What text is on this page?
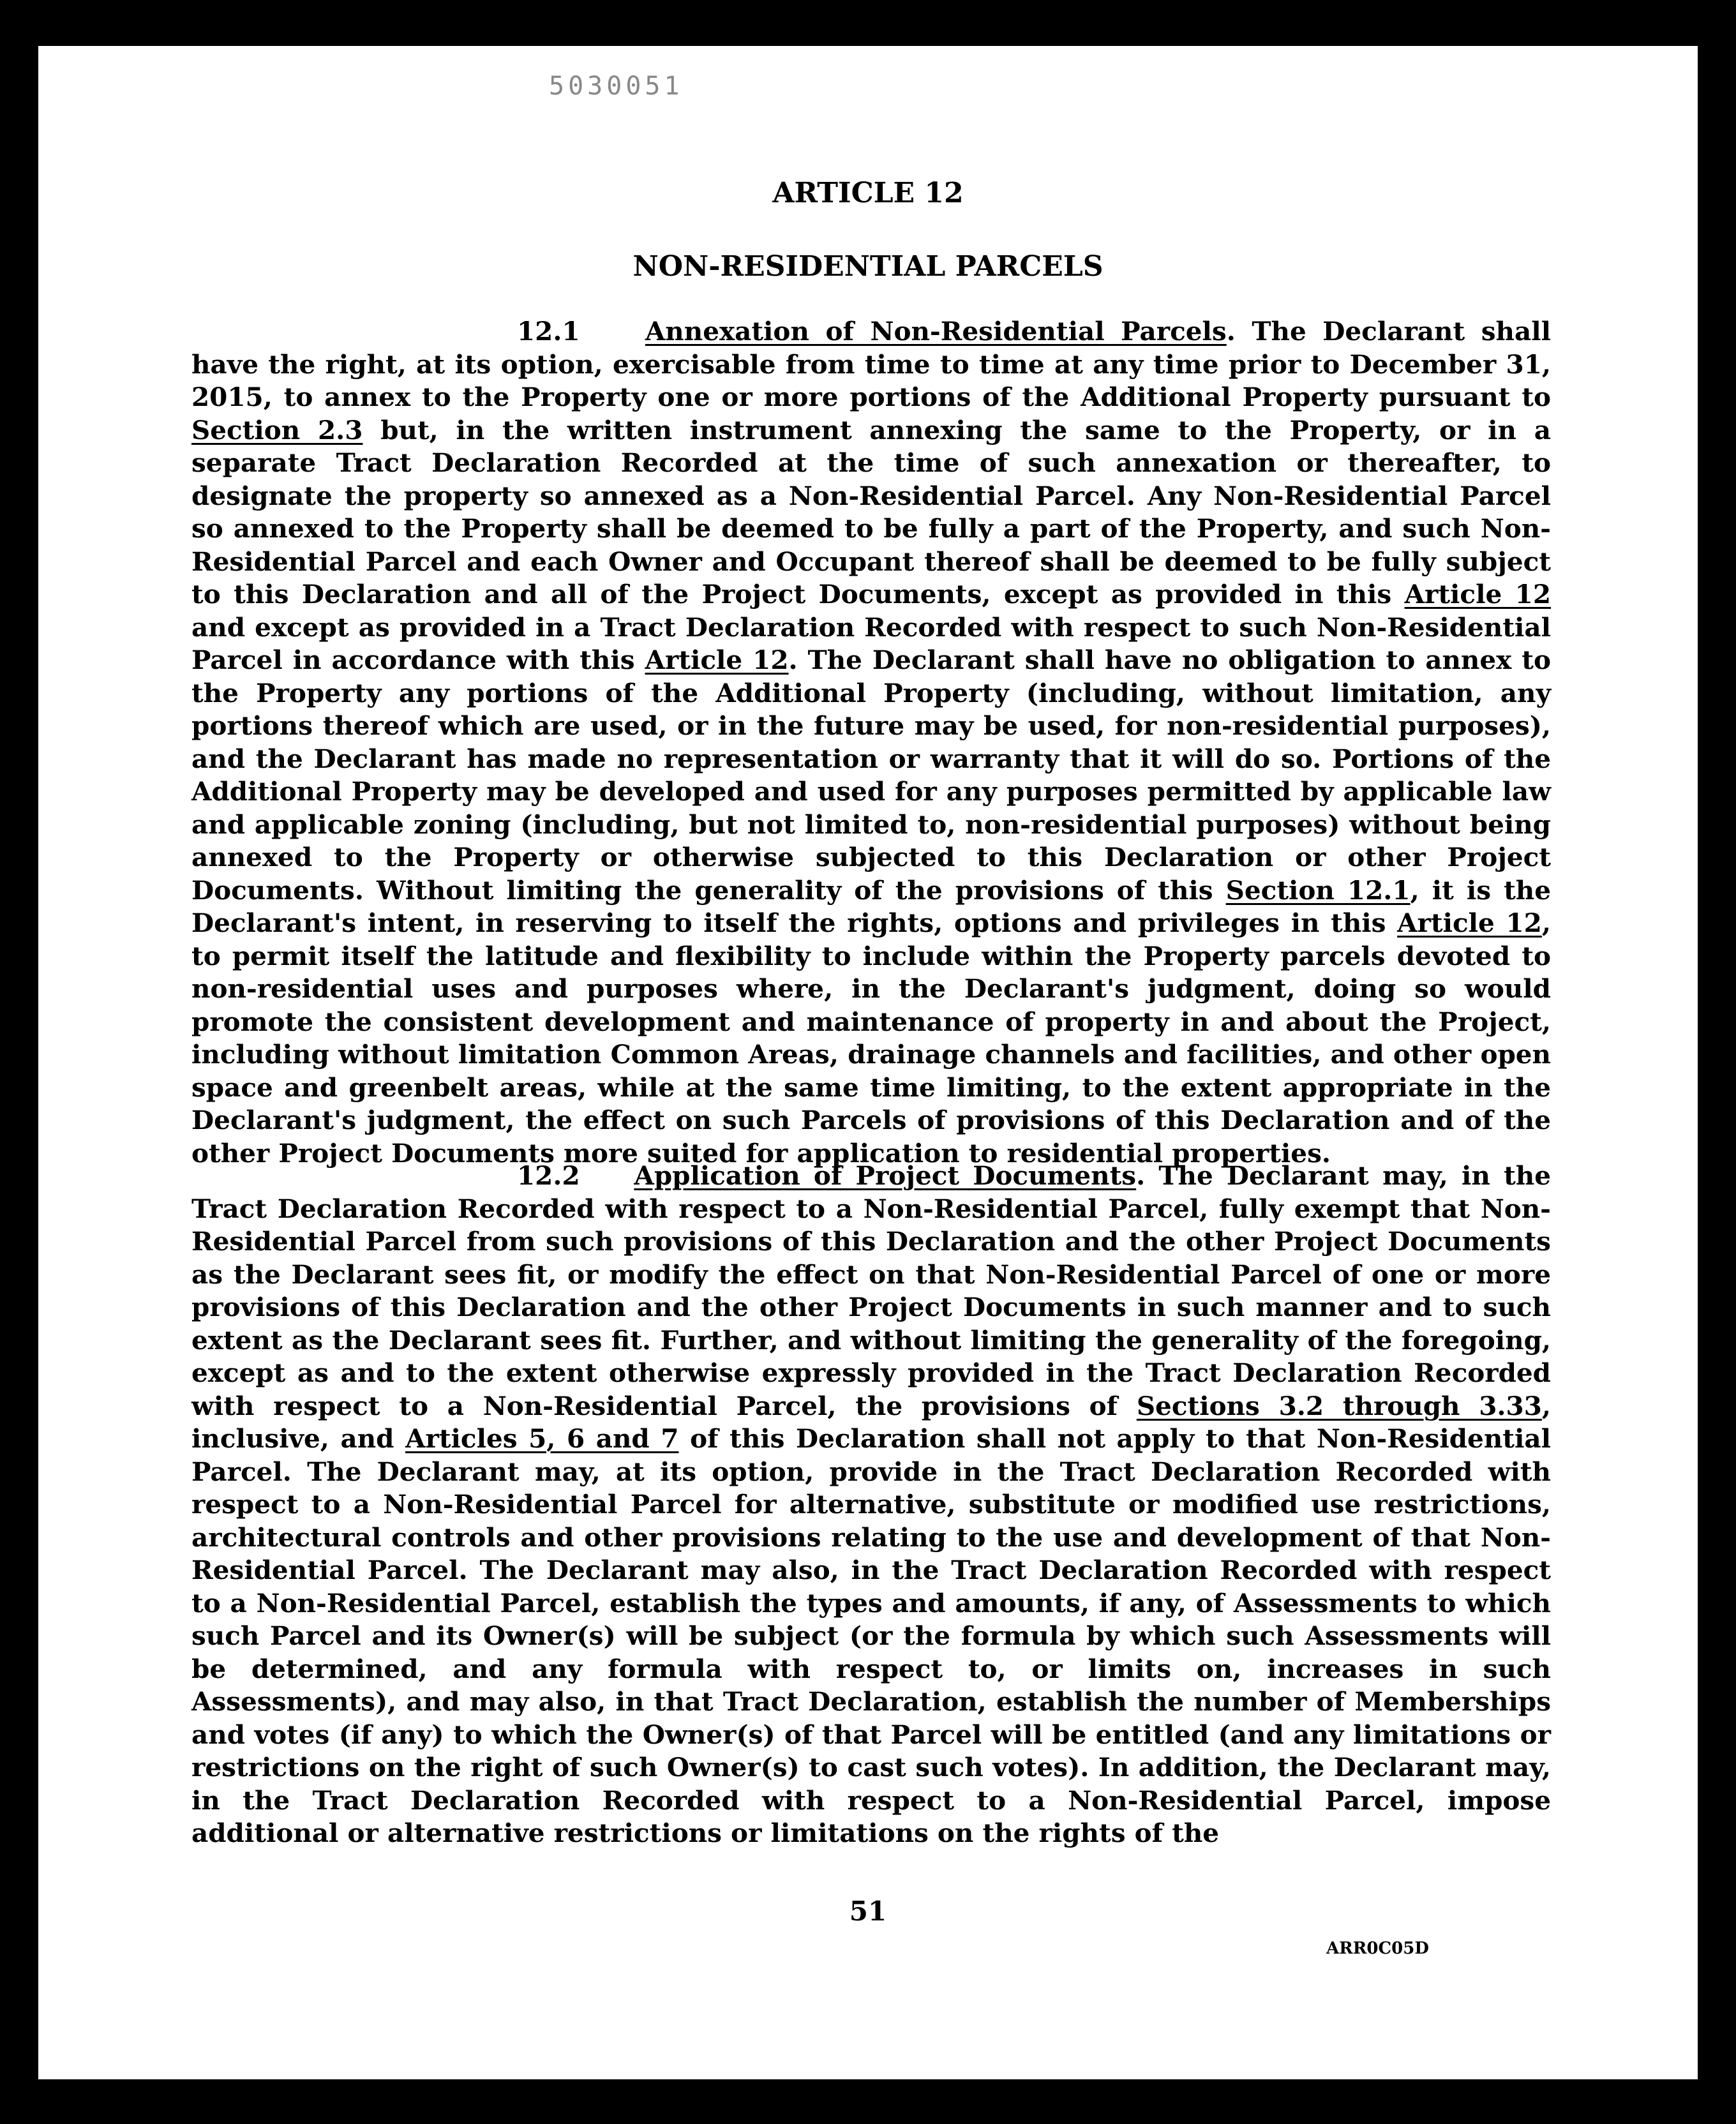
5030051
ARTICLE 12
NON-RESIDENTIAL PARCELS

12.1	Annexation of Non-Residential Parcels. The Declarant shall have the right, at its option, exercisable from time to time at any time prior to December 31, 2015, to annex to the Property one or more portions of the Additional Property pursuant to Section 2.3 but, in the written instrument annexing the same to the Property, or in a separate Tract Declaration Recorded at the time of such annexation or thereafter, to designate the property so annexed as a Non-Residential Parcel. Any Non-Residential Parcel so annexed to the Property shall be deemed to be fully a part of the Property, and such Non-Residential Parcel and each Owner and Occupant thereof shall be deemed to be fully subject to this Declaration and all of the Project Documents, except as provided in this Article 12 and except as provided in a Tract Declaration Recorded with respect to such Non-Residential Parcel in accordance with this Article 12. The Declarant shall have no obligation to annex to the Property any portions of the Additional Property (including, without limitation, any portions thereof which are used, or in the future may be used, for non-residential purposes), and the Declarant has made no representation or warranty that it will do so. Portions of the Additional Property may be developed and used for any purposes permitted by applicable law and applicable zoning (including, but not limited to, non-residential purposes) without being annexed to the Property or otherwise subjected to this Declaration or other Project Documents. Without limiting the generality of the provisions of this Section 12.1, it is the Declarant's intent, in reserving to itself the rights, options and privileges in this Article 12, to permit itself the latitude and flexibility to include within the Property parcels devoted to non-residential uses and purposes where, in the Declarant's judgment, doing so would promote the consistent development and maintenance of property in and about the Project, including without limitation Common Areas, drainage channels and facilities, and other open space and greenbelt areas, while at the same time limiting, to the extent appropriate in the Declarant's judgment, the effect on such Parcels of provisions of this Declaration and of the other Project Documents more suited for application to residential properties.

12.2 Application of Project Documents. The Declarant may, in the Tract Declaration Recorded with respect to a Non-Residential Parcel, fully exempt that Non-Residential Parcel from such provisions of this Declaration and the other Project Documents as the Declarant sees fit, or modify the effect on that Non-Residential Parcel of one or more provisions of this Declaration and the other Project Documents in such manner and to such extent as the Declarant sees fit. Further, and without limiting the generality of the foregoing, except as and to the extent otherwise expressly provided in the Tract Declaration Recorded with respect to a Non-Residential Parcel, the provisions of Sections 3.2 through 3.33, inclusive, and Articles 5, 6 and 7 of this Declaration shall not apply to that Non-Residential Parcel. The Declarant may, at its option, provide in the Tract Declaration Recorded with respect to a Non-Residential Parcel for alternative, substitute or modified use restrictions, architectural controls and other provisions relating to the use and development of that Non-Residential Parcel. The Declarant may also, in the Tract Declaration Recorded with respect to a Non-Residential Parcel, establish the types and amounts, if any, of Assessments to which such Parcel and its Owner(s) will be subject (or the formula by which such Assessments will be determined, and any formula with respect to, or limits on, increases in such Assessments), and may also, in that Tract Declaration, establish the number of Memberships and votes (if any) to which the Owner(s) of that Parcel will be entitled (and any limitations or restrictions on the right of such Owner(s) to cast such votes). In addition, the Declarant may, in the Tract Declaration Recorded with respect to a Non-Residential Parcel, impose additional or alternative restrictions or limitations on the rights of the

51
ARR0C05D
